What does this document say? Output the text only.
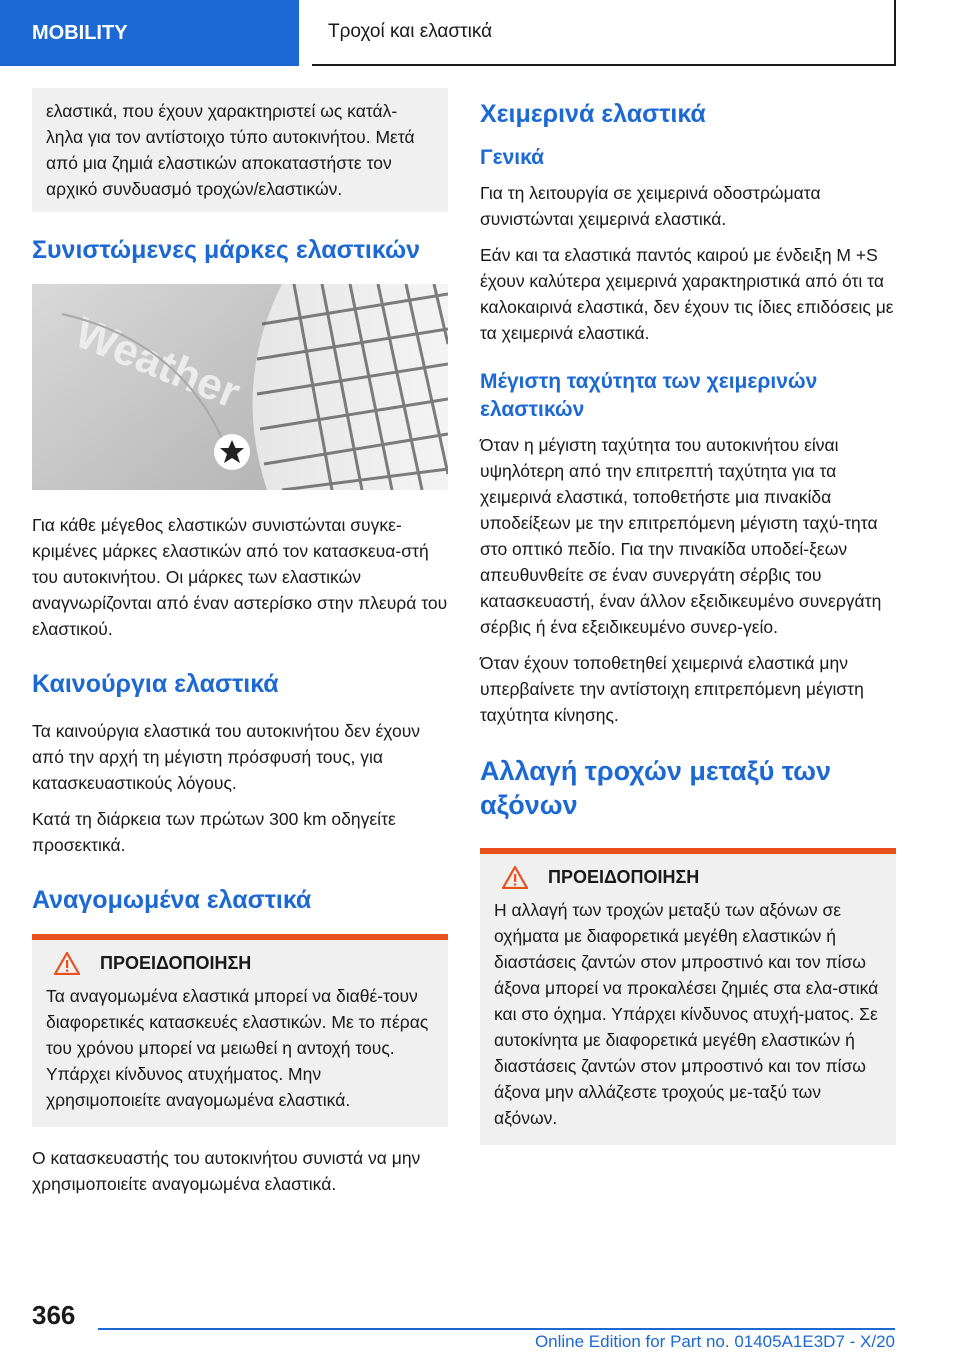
MOBILITY	Τροχοί και ελαστικά

ελαστικά, που έχουν χαρακτηριστεί ως κατάλ-ληλα για τον αντίστοιχο τύπο αυτοκινήτου. Μετά από μια ζημιά ελαστικών αποκαταστήστε τον αρχικό συνδυασμό τροχών/ελαστικών.

Συνιστώμενες μάρκες ελαστικών
Weather

Για κάθε μέγεθος ελαστικών συνιστώνται συγκε-κριμένες μάρκες ελαστικών από τον κατασκευα-στή του αυτοκινήτου. Οι μάρκες των ελαστικών αναγνωρίζονται από έναν αστερίσκο στην πλευρά του ελαστικού.

Καινούργια ελαστικά

Τα καινούργια ελαστικά του αυτοκινήτου δεν έχουν από την αρχή τη μέγιστη πρόσφυσή τους, για κατασκευαστικούς λόγους.

Κατά τη διάρκεια των πρώτων 300 km οδηγείτε προσεκτικά.

Αναγομωμένα ελαστικά
ΠΡΟΕΙΔΟΠΟΙΗΣΗ

Τα αναγομωμένα ελαστικά μπορεί να διαθέ-τουν διαφορετικές κατασκευές ελαστικών. Με το πέρας του χρόνου μπορεί να μειωθεί η αντοχή τους. Υπάρχει κίνδυνος ατυχήματος. Μην χρησιμοποιείτε αναγομωμένα ελαστικά.

Ο κατασκευαστής του αυτοκινήτου συνιστά να μην χρησιμοποιείτε αναγομωμένα ελαστικά.

Χειμερινά ελαστικά
Γενικά

Για τη λειτουργία σε χειμερινά οδοστρώματα συνιστώνται χειμερινά ελαστικά.

Εάν και τα ελαστικά παντός καιρού με ένδειξη M +S έχουν καλύτερα χειμερινά χαρακτηριστικά από ότι τα καλοκαιρινά ελαστικά, δεν έχουν τις ίδιες επιδόσεις με τα χειμερινά ελαστικά.

Μέγιστη ταχύτητα των χειμερινών ελαστικών

Όταν η μέγιστη ταχύτητα του αυτοκινήτου είναι υψηλότερη από την επιτρεπτή ταχύτητα για τα χειμερινά ελαστικά, τοποθετήστε μια πινακίδα υποδείξεων με την επιτρεπόμενη μέγιστη ταχύ-τητα στο οπτικό πεδίο. Για την πινακίδα υποδεί-ξεων απευθυνθείτε σε έναν συνεργάτη σέρβις του κατασκευαστή, έναν άλλον εξειδικευμένο συνεργάτη σέρβις ή ένα εξειδικευμένο συνερ-γείο.

Όταν έχουν τοποθετηθεί χειμερινά ελαστικά μην υπερβαίνετε την αντίστοιχη επιτρεπόμενη μέγιστη ταχύτητα κίνησης.

Αλλαγή τροχών μεταξύ των αξόνων
ΠΡΟΕΙΔΟΠΟΙΗΣΗ

Η αλλαγή των τροχών μεταξύ των αξόνων σε οχήματα με διαφορετικά μεγέθη ελαστικών ή διαστάσεις ζαντών στον μπροστινό και τον πίσω άξονα μπορεί να προκαλέσει ζημιές στα ελα-στικά και στο όχημα. Υπάρχει κίνδυνος ατυχή-ματος. Σε αυτοκίνητα με διαφορετικά μεγέθη ελαστικών ή διαστάσεις ζαντών στον μπροστινό και τον πίσω άξονα μην αλλάζεστε τροχούς με-ταξύ των αξόνων.

366
Online Edition for Part no. 01405A1E3D7 - X/20
